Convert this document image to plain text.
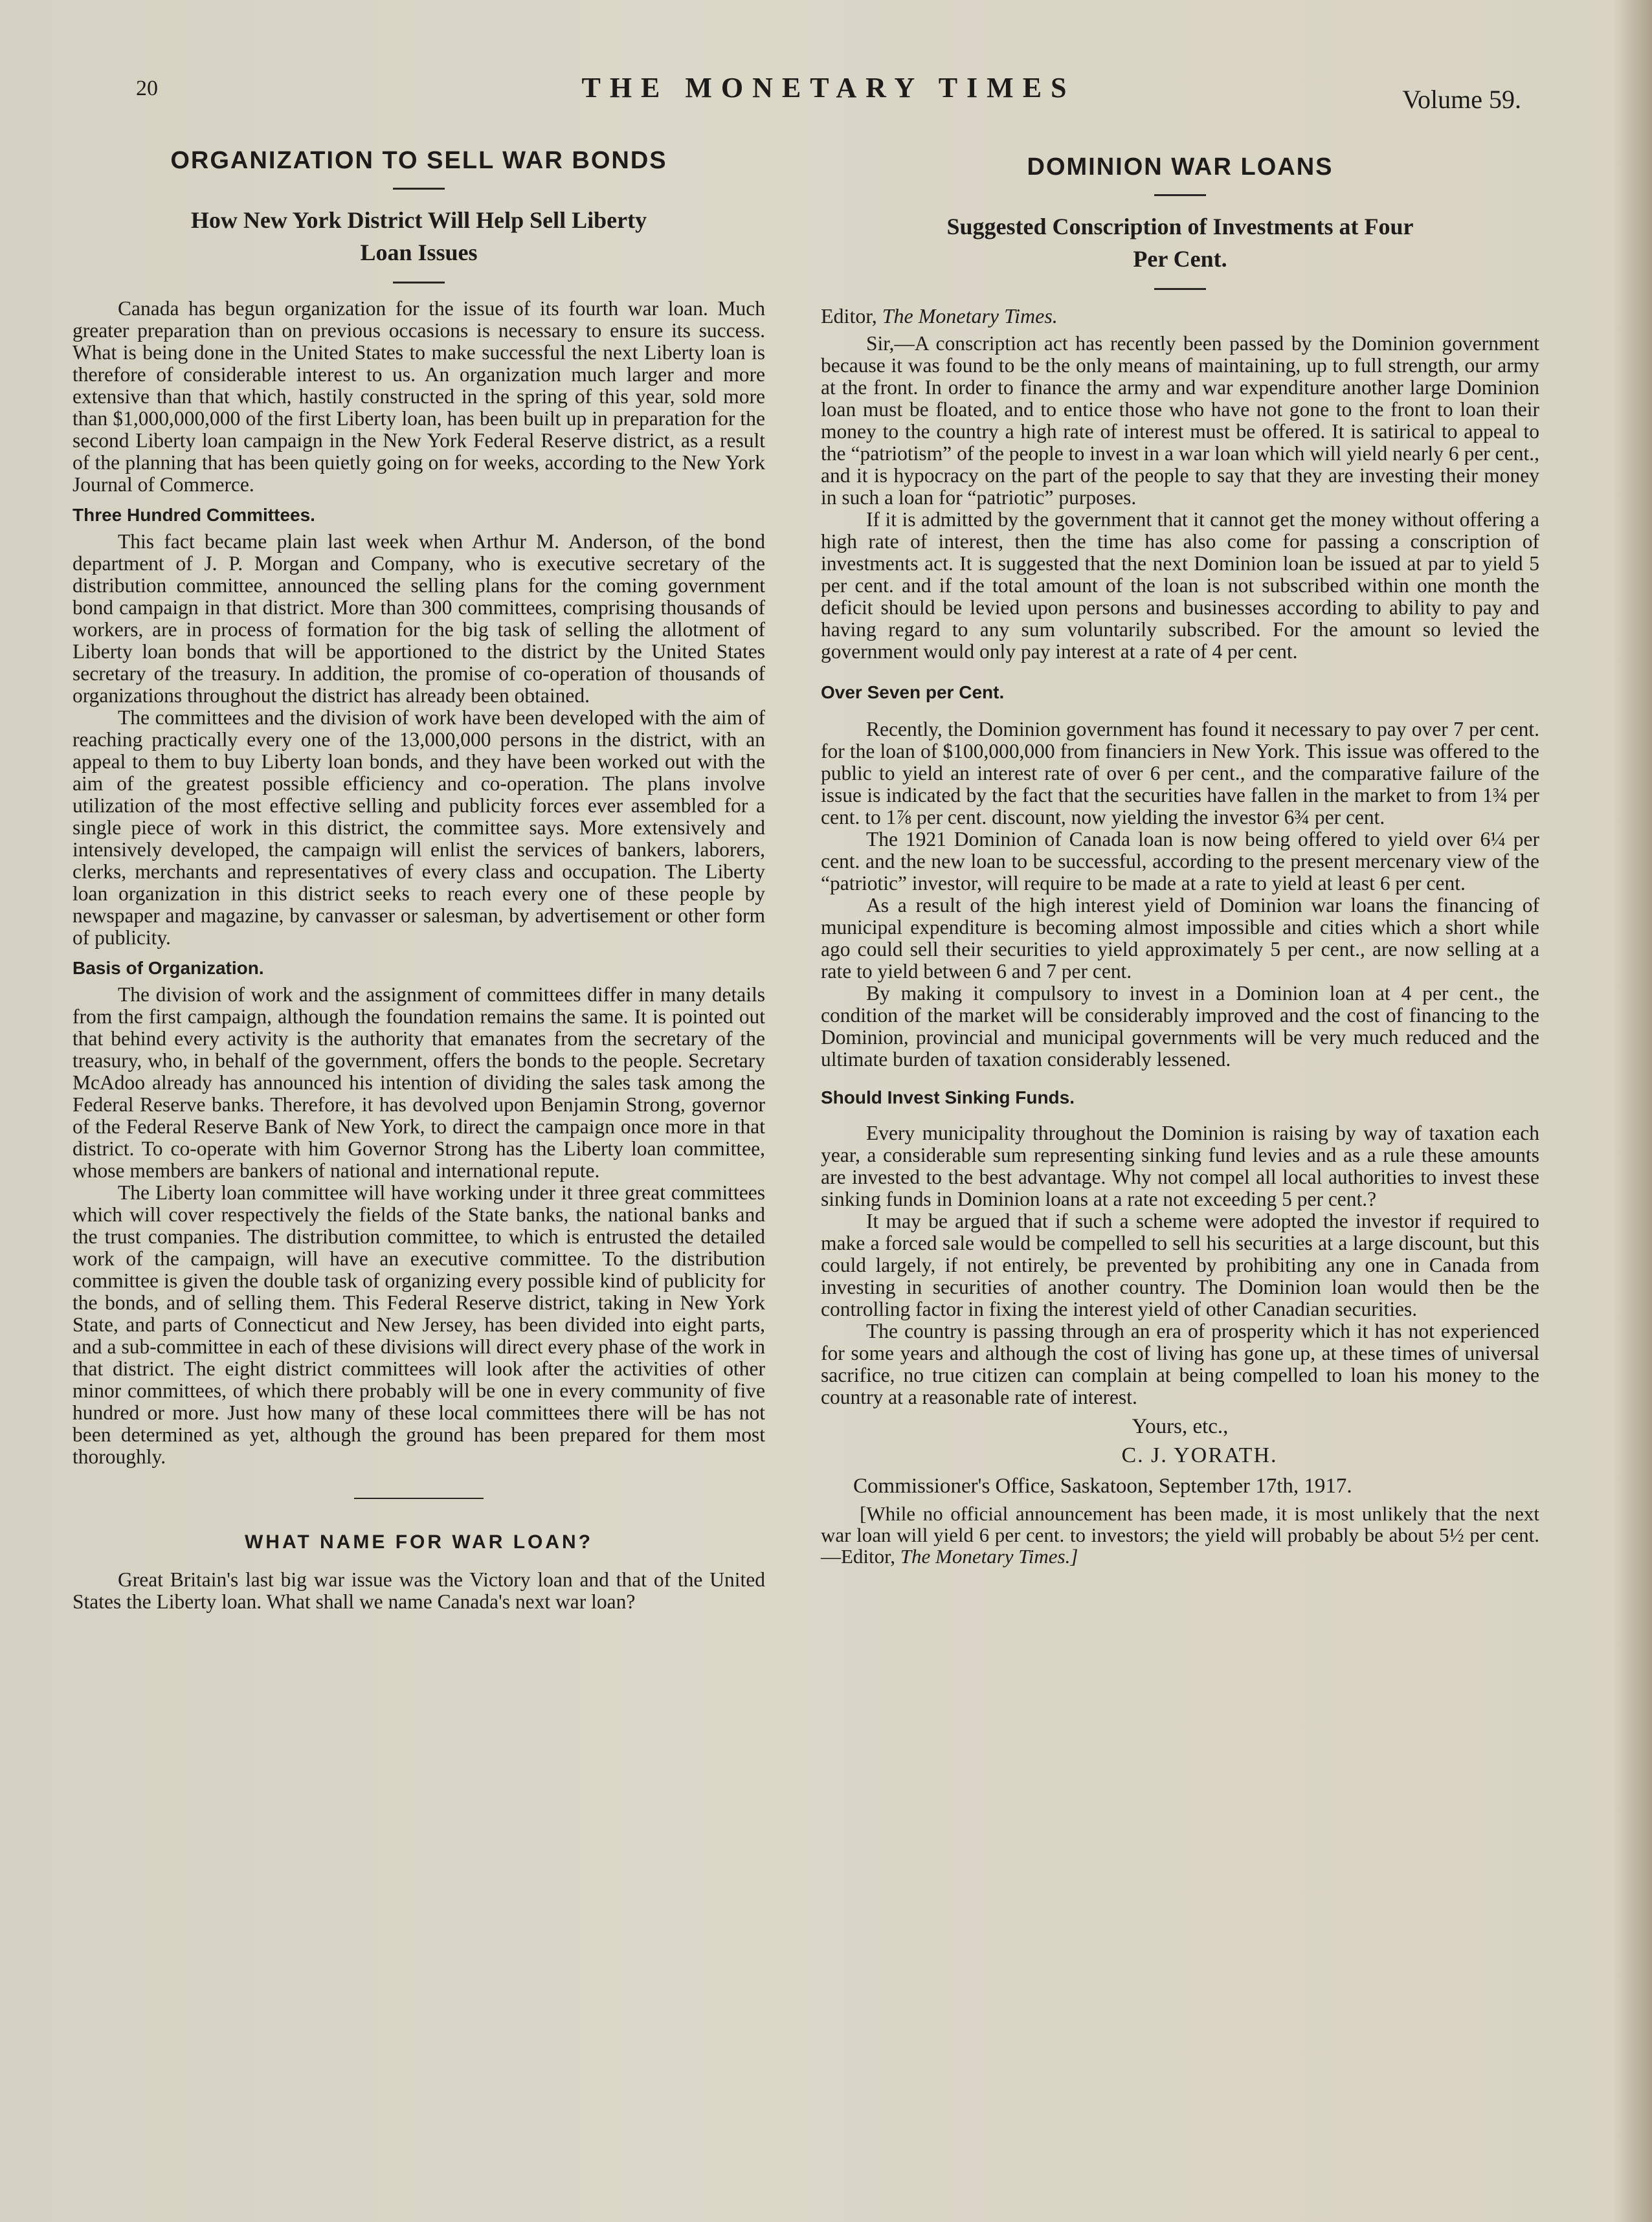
20	THE MONETARY TIMES	Volume 59.
ORGANIZATION TO SELL WAR BONDS

How New York District Will Help Sell Liberty Loan Issues

Canada has begun organization for the issue of its fourth war loan. Much greater preparation than on previous occasions is necessary to ensure its success. What is being done in the United States to make successful the next Liberty loan is therefore of considerable interest to us. An organization much larger and more extensive than that which, hastily constructed in the spring of this year, sold more than $1,000,000,000 of the first Liberty loan, has been built up in preparation for the second Liberty loan campaign in the New York Federal Reserve district, as a result of the planning that has been quietly going on for weeks, according to the New York Journal of Commerce.

Three Hundred Committees.

This fact became plain last week when Arthur M. Anderson, of the bond department of J. P. Morgan and Company, who is executive secretary of the distribution committee, announced the selling plans for the coming government bond campaign in that district. More than 300 committees, comprising thousands of workers, are in process of formation for the big task of selling the allotment of Liberty loan bonds that will be apportioned to the district by the United States secretary of the treasury. In addition, the promise of co-operation of thousands of organizations throughout the district has already been obtained.

The committees and the division of work have been developed with the aim of reaching practically every one of the 13,000,000 persons in the district, with an appeal to them to buy Liberty loan bonds, and they have been worked out with the aim of the greatest possible efficiency and co-operation. The plans involve utilization of the most effective selling and publicity forces ever assembled for a single piece of work in this district, the committee says. More extensively and intensively developed, the campaign will enlist the services of bankers, laborers, clerks, merchants and representatives of every class and occupation. The Liberty loan organization in this district seeks to reach every one of these people by newspaper and magazine, by canvasser or salesman, by advertisement or other form of publicity.

Basis of Organization.

The division of work and the assignment of committees differ in many details from the first campaign, although the foundation remains the same. It is pointed out that behind every activity is the authority that emanates from the secretary of the treasury, who, in behalf of the government, offers the bonds to the people. Secretary McAdoo already has announced his intention of dividing the sales task among the Federal Reserve banks. Therefore, it has devolved upon Benjamin Strong, governor of the Federal Reserve Bank of New York, to direct the campaign once more in that district. To co-operate with him Governor Strong has the Liberty loan committee, whose members are bankers of national and international repute.

The Liberty loan committee will have working under it three great committees which will cover respectively the fields of the State banks, the national banks and the trust companies. The distribution committee, to which is entrusted the detailed work of the campaign, will have an executive committee. To the distribution committee is given the double task of organizing every possible kind of publicity for the bonds, and of selling them. This Federal Reserve district, taking in New York State, and parts of Connecticut and New Jersey, has been divided into eight parts, and a sub-committee in each of these divisions will direct every phase of the work in that district. The eight district committees will look after the activities of other minor committees, of which there probably will be one in every community of five hundred or more. Just how many of these local committees there will be has not been determined as yet, although the ground has been prepared for them most thoroughly.

WHAT NAME FOR WAR LOAN?

Great Britain's last big war issue was the Victory loan and that of the United States the Liberty loan. What shall we name Canada's next war loan?

DOMINION WAR LOANS

Suggested Conscription of Investments at Four Per Cent.

Editor, The Monetary Times.

Sir,—A conscription act has recently been passed by the Dominion government because it was found to be the only means of maintaining, up to full strength, our army at the front. In order to finance the army and war expenditure another large Dominion loan must be floated, and to entice those who have not gone to the front to loan their money to the country a high rate of interest must be offered. It is satirical to appeal to the “patriotism” of the people to invest in a war loan which will yield nearly 6 per cent., and it is hypocracy on the part of the people to say that they are investing their money in such a loan for “patriotic” purposes.

If it is admitted by the government that it cannot get the money without offering a high rate of interest, then the time has also come for passing a conscription of investments act. It is suggested that the next Dominion loan be issued at par to yield 5 per cent. and if the total amount of the loan is not subscribed within one month the deficit should be levied upon persons and businesses according to ability to pay and having regard to any sum voluntarily subscribed. For the amount so levied the government would only pay interest at a rate of 4 per cent.

Over Seven per Cent.

Recently, the Dominion government has found it necessary to pay over 7 per cent. for the loan of $100,000,000 from financiers in New York. This issue was offered to the public to yield an interest rate of over 6 per cent., and the comparative failure of the issue is indicated by the fact that the securities have fallen in the market to from 1¾ per cent. to 1⅞ per cent. discount, now yielding the investor 6¾ per cent.

The 1921 Dominion of Canada loan is now being offered to yield over 6¼ per cent. and the new loan to be successful, according to the present mercenary view of the “patriotic” investor, will require to be made at a rate to yield at least 6 per cent.

As a result of the high interest yield of Dominion war loans the financing of municipal expenditure is becoming almost impossible and cities which a short while ago could sell their securities to yield approximately 5 per cent., are now selling at a rate to yield between 6 and 7 per cent.

By making it compulsory to invest in a Dominion loan at 4 per cent., the condition of the market will be considerably improved and the cost of financing to the Dominion, provincial and municipal governments will be very much reduced and the ultimate burden of taxation considerably lessened.

Should Invest Sinking Funds.

Every municipality throughout the Dominion is raising by way of taxation each year, a considerable sum representing sinking fund levies and as a rule these amounts are invested to the best advantage. Why not compel all local authorities to invest these sinking funds in Dominion loans at a rate not exceeding 5 per cent.?

It may be argued that if such a scheme were adopted the investor if required to make a forced sale would be compelled to sell his securities at a large discount, but this could largely, if not entirely, be prevented by prohibiting any one in Canada from investing in securities of another country. The Dominion loan would then be the controlling factor in fixing the interest yield of other Canadian securities.

The country is passing through an era of prosperity which it has not experienced for some years and although the cost of living has gone up, at these times of universal sacrifice, no true citizen can complain at being compelled to loan his money to the country at a reasonable rate of interest.

Yours, etc.,
C. J. YORATH.
Commissioner's Office, Saskatoon, September 17th, 1917.

[While no official announcement has been made, it is most unlikely that the next war loan will yield 6 per cent. to investors; the yield will probably be about 5½ per cent.—Editor, The Monetary Times.]
